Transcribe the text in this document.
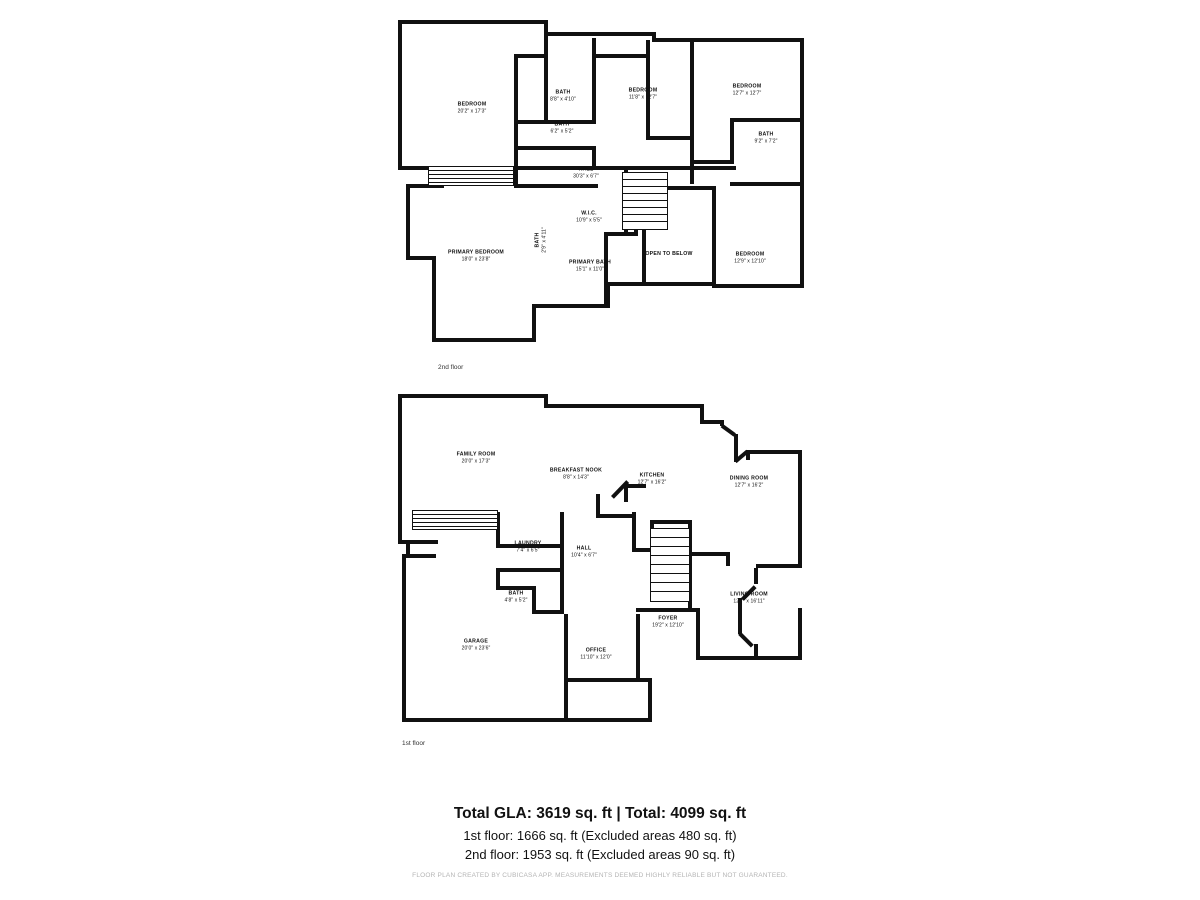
BEDROOM
20'2" x 17'3"
BATH
8'8" x 4'10"
BEDROOM
11'8" x 12'7"
BEDROOM
12'7" x 12'7"
BATH
6'2" x 5'2"
BATH
9'2" x 7'2"
HALL
30'3" x 6'7"
W.I.C.
10'9" x 5'5"
BEDROOM
12'9" x 12'10"
BATH 2'9" x 4'11"
PRIMARY BEDROOM
18'0" x 23'8"
PRIMARY BATH
15'1" x 11'0"
OPEN TO BELOW
2nd floor
FAMILY ROOM
20'0" x 17'3"
BREAKFAST NOOK
8'8" x 14'3"	KITCHEN
12'7" x 16'2"
DINING ROOM
12'7" x 16'2"
LAUNDRY
7'4" x 6'5"	HALL
10'4" x 6'7"
LIVING ROOM
12'7" x 16'11"
BATH
4'8" x 5'2"
FOYER
19'2" x 12'10"
GARAGE
20'0" x 23'6"	OFFICE
11'10" x 12'0"
1st floor
Total GLA: 3619 sq. ft | Total: 4099 sq. ft
1st floor: 1666 sq. ft (Excluded areas 480 sq. ft)
2nd floor: 1953 sq. ft (Excluded areas 90 sq. ft)
FLOOR PLAN CREATED BY CUBICASA APP. MEASUREMENTS DEEMED HIGHLY RELIABLE BUT NOT GUARANTEED.
